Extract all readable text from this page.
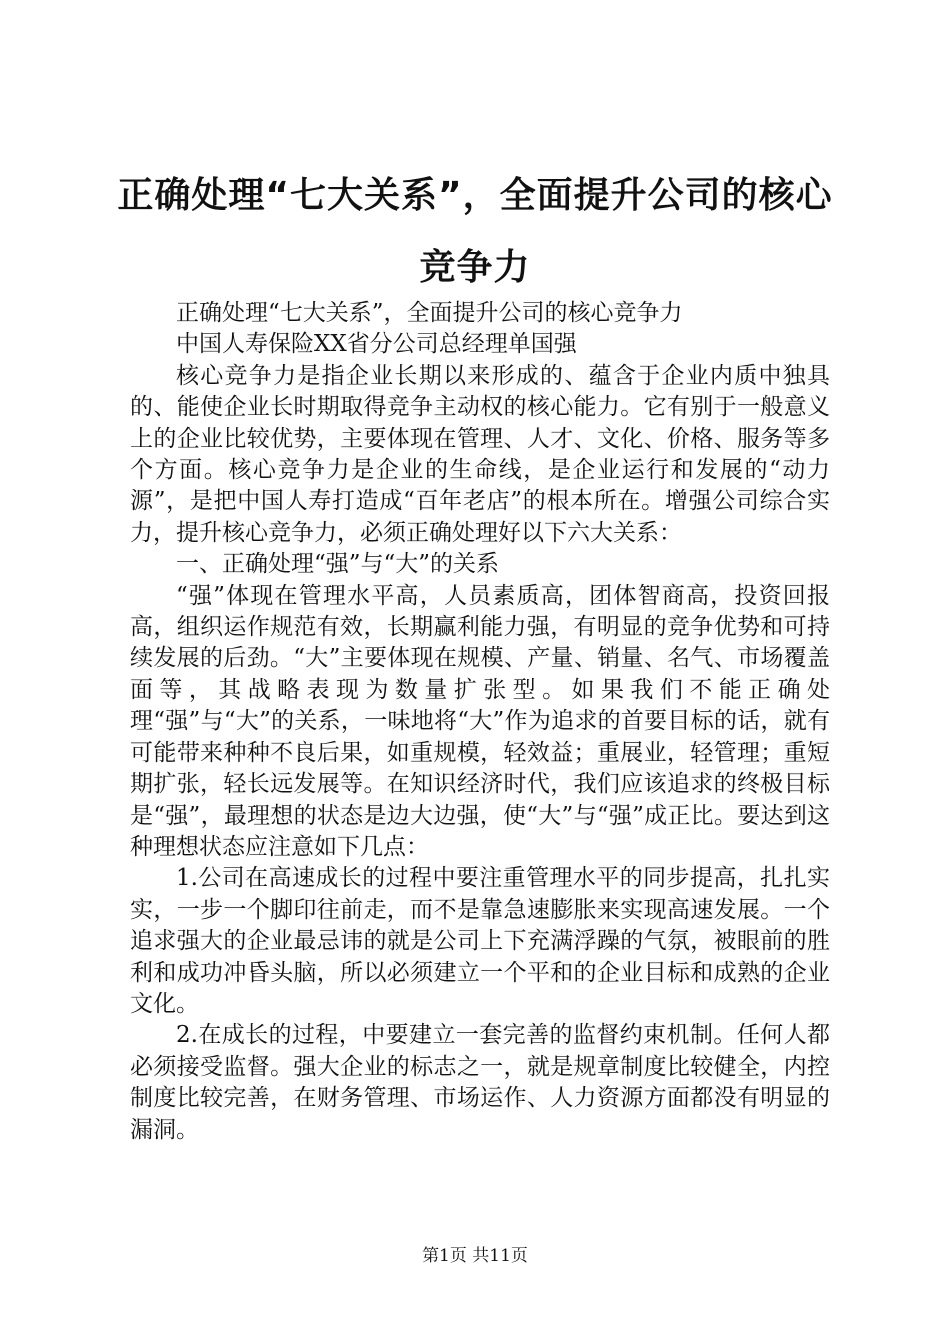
正确处理“七大关系”，全面提升公司的核心竞争力

正确处理“七大关系”，全面提升公司的核心竞争力

中国人寿保险XX省分公司总经理单国强

核心竞争力是指企业长期以来形成的、蕴含于企业内质中独具的、能使企业长时期取得竞争主动权的核心能力。它有别于一般意义上的企业比较优势，主要体现在管理、人才、文化、价格、服务等多个方面。核心竞争力是企业的生命线，是企业运行和发展的“动力源”，是把中国人寿打造成“百年老店”的根本所在。增强公司综合实力，提升核心竞争力，必须正确处理好以下六大关系：

一、正确处理“强”与“大”的关系

“强”体现在管理水平高，人员素质高，团体智商高，投资回报高，组织运作规范有效，长期赢利能力强，有明显的竞争优势和可持续发展的后劲。“大”主要体现在规模、产量、销量、名气、市场覆盖面等，其战略表现为数量扩张型。如果我们不能正确处理“强”与“大”的关系，一味地将“大”作为追求的首要目标的话，就有可能带来种种不良后果，如重规模，轻效益；重展业，轻管理；重短期扩张，轻长远发展等。在知识经济时代，我们应该追求的终极目标是“强”，最理想的状态是边大边强，使“大”与“强”成正比。要达到这种理想状态应注意如下几点：

1.公司在高速成长的过程中要注重管理水平的同步提高，扎扎实实，一步一个脚印往前走，而不是靠急速膨胀来实现高速发展。一个追求强大的企业最忌讳的就是公司上下充满浮躁的气氛，被眼前的胜利和成功冲昏头脑，所以必须建立一个平和的企业目标和成熟的企业文化。

2.在成长的过程，中要建立一套完善的监督约束机制。任何人都必须接受监督。强大企业的标志之一，就是规章制度比较健全，内控制度比较完善，在财务管理、市场运作、人力资源方面都没有明显的漏洞。

第1页 共11页
